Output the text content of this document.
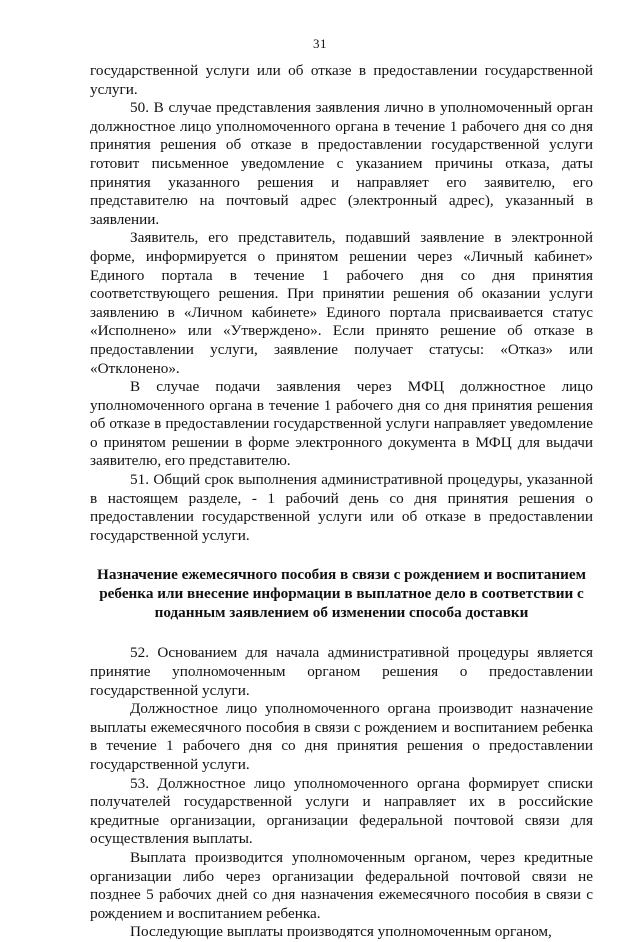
31

государственной услуги или об отказе в предоставлении государственной услуги.

50. В случае представления заявления лично в уполномоченный орган должностное лицо уполномоченного органа в течение 1 рабочего дня со дня принятия решения об отказе в предоставлении государственной услуги готовит письменное уведомление с указанием причины отказа, даты принятия указанного решения и направляет его заявителю, его представителю на почтовый адрес (электронный адрес), указанный в заявлении.

Заявитель, его представитель, подавший заявление в электронной форме, информируется о принятом решении через «Личный кабинет» Единого портала в течение 1 рабочего дня со дня принятия соответствующего решения. При принятии решения об оказании услуги заявлению в «Личном кабинете» Единого портала присваивается статус «Исполнено» или «Утверждено». Если принято решение об отказе в предоставлении услуги, заявление получает статусы: «Отказ» или «Отклонено».

В случае подачи заявления через МФЦ должностное лицо уполномоченного органа в течение 1 рабочего дня со дня принятия решения об отказе в предоставлении государственной услуги направляет уведомление о принятом решении в форме электронного документа в МФЦ для выдачи заявителю, его представителю.

51. Общий срок выполнения административной процедуры, указанной в настоящем разделе, - 1 рабочий день со дня принятия решения о предоставлении государственной услуги или об отказе в предоставлении государственной услуги.

Назначение ежемесячного пособия в связи с рождением и воспитанием ребенка или внесение информации в выплатное дело в соответствии с поданным заявлением об изменении способа доставки

52. Основанием для начала административной процедуры является принятие уполномоченным органом решения о предоставлении государственной услуги.

Должностное лицо уполномоченного органа производит назначение выплаты ежемесячного пособия в связи с рождением и воспитанием ребенка в течение 1 рабочего дня со дня принятия решения о предоставлении государственной услуги.

53. Должностное лицо уполномоченного органа формирует списки получателей государственной услуги и направляет их в российские кредитные организации, организации федеральной почтовой связи для осуществления выплаты.

Выплата производится уполномоченным органом, через кредитные организации либо через организации федеральной почтовой связи не позднее 5 рабочих дней со дня назначения ежемесячного пособия в связи с рождением и воспитанием ребенка.

Последующие выплаты производятся уполномоченным органом,
